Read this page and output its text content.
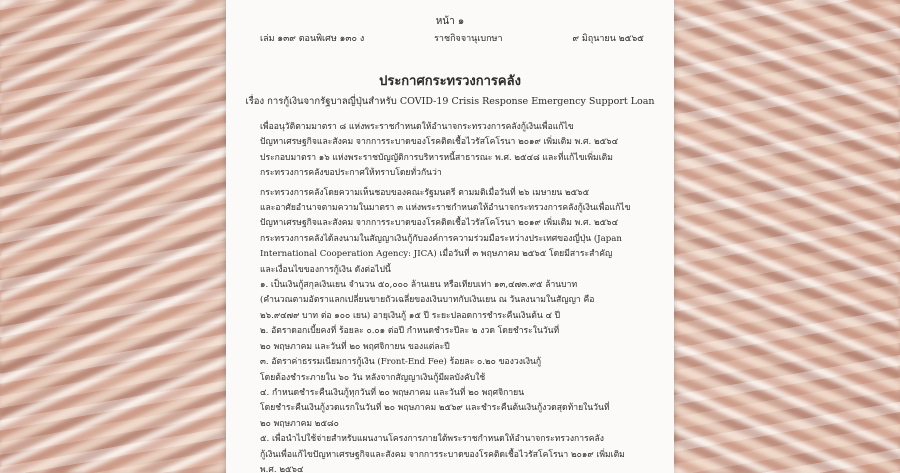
หน้า ๑
เล่ม ๑๓๙ ตอนพิเศษ ๑๓๐ ง	ราชกิจจานุเบกษา	๙ มิถุนายน ๒๕๖๕
ประกาศกระทรวงการคลัง
เรื่อง การกู้เงินจากรัฐบาลญี่ปุ่นสำหรับ COVID-19 Crisis Response Emergency Support Loan

เพื่ออนุวัติตามมาตรา ๘ แห่งพระราชกำหนดให้อำนาจกระทรวงการคลังกู้เงินเพื่อแก้ไข

ปัญหาเศรษฐกิจและสังคม จากการระบาดของโรคติดเชื้อไวรัสโคโรนา ๒๐๑๙ เพิ่มเติม พ.ศ. ๒๕๖๔

ประกอบมาตรา ๑๖ แห่งพระราชบัญญัติการบริหารหนี้สาธารณะ พ.ศ. ๒๕๔๘ และที่แก้ไขเพิ่มเติม

กระทรวงการคลังขอประกาศให้ทราบโดยทั่วกันว่า

กระทรวงการคลังโดยความเห็นชอบของคณะรัฐมนตรี ตามมติเมื่อวันที่ ๒๖ เมษายน ๒๕๖๕

และอาศัยอำนาจตามความในมาตรา ๓ แห่งพระราชกำหนดให้อำนาจกระทรวงการคลังกู้เงินเพื่อแก้ไข

ปัญหาเศรษฐกิจและสังคม จากการระบาดของโรคติดเชื้อไวรัสโคโรนา ๒๐๑๙ เพิ่มเติม พ.ศ. ๒๕๖๔

กระทรวงการคลังได้ลงนามในสัญญาเงินกู้กับองค์การความร่วมมือระหว่างประเทศของญี่ปุ่น (Japan

International Cooperation Agency: JICA) เมื่อวันที่ ๓ พฤษภาคม ๒๕๖๕ โดยมีสาระสำคัญ

และเงื่อนไขของการกู้เงิน ดังต่อไปนี้

๑. เป็นเงินกู้สกุลเงินเยน จำนวน ๕๐,๐๐๐ ล้านเยน หรือเทียบเท่า ๑๓,๔๗๓.๙๕ ล้านบาท

(คำนวณตามอัตราแลกเปลี่ยนขายถัวเฉลี่ยของเงินบาทกับเงินเยน ณ วันลงนามในสัญญา คือ

๒๖.๙๔๗๙ บาท ต่อ ๑๐๐ เยน) อายุเงินกู้ ๑๕ ปี ระยะปลอดการชำระคืนเงินต้น ๔ ปี

๒. อัตราดอกเบี้ยคงที่ ร้อยละ ๐.๐๑ ต่อปี กำหนดชำระปีละ ๒ งวด โดยชำระในวันที่

๒๐ พฤษภาคม และวันที่ ๒๐ พฤศจิกายน ของแต่ละปี

๓. อัตราค่าธรรมเนียมการกู้เงิน (Front-End Fee) ร้อยละ ๐.๒๐ ของวงเงินกู้

โดยต้องชำระภายใน ๖๐ วัน หลังจากสัญญาเงินกู้มีผลบังคับใช้

๔. กำหนดชำระคืนเงินกู้ทุกวันที่ ๒๐ พฤษภาคม และวันที่ ๒๐ พฤศจิกายน

โดยชำระคืนเงินกู้งวดแรกในวันที่ ๒๐ พฤษภาคม ๒๕๖๙ และชำระคืนต้นเงินกู้งวดสุดท้ายในวันที่

๒๐ พฤษภาคม ๒๕๘๐

๕. เพื่อนำไปใช้จ่ายสำหรับแผนงานโครงการภายใต้พระราชกำหนดให้อำนาจกระทรวงการคลัง

กู้เงินเพื่อแก้ไขปัญหาเศรษฐกิจและสังคม จากการระบาดของโรคติดเชื้อไวรัสโคโรนา ๒๐๑๙ เพิ่มเติม

พ.ศ. ๒๕๖๔
